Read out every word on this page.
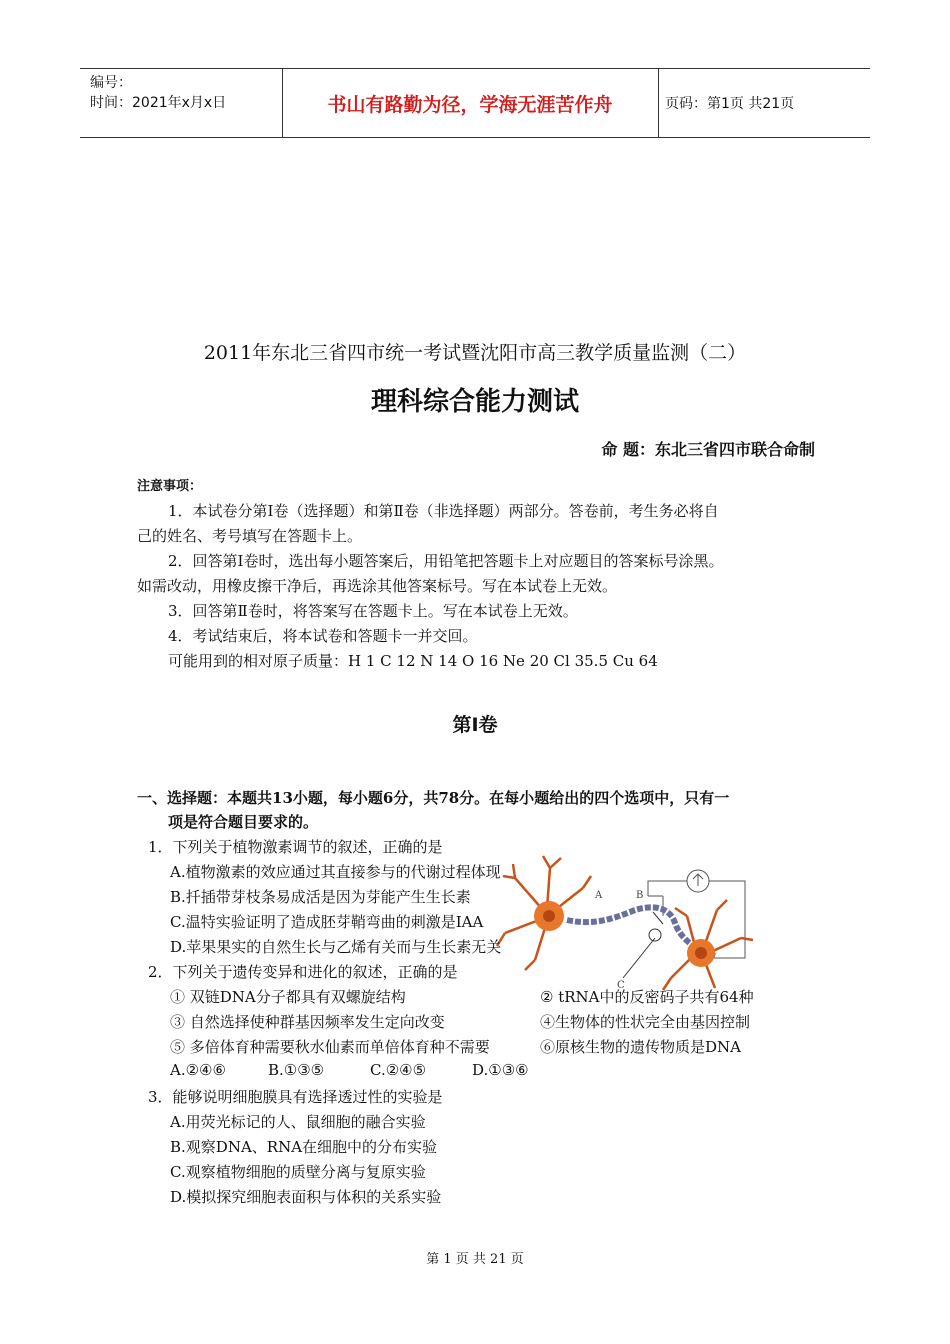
编号：
时间：2021年x月x日	书山有路勤为径，学海无涯苦作舟	页码：第1页 共21页
2011年东北三省四市统一考试暨沈阳市高三教学质量监测（二）
理科综合能力测试
命 题：东北三省四市联合命制
注意事项：
1．本试卷分第Ⅰ卷（选择题）和第Ⅱ卷（非选择题）两部分。答卷前，考生务必将自
己的姓名、考号填写在答题卡上。
2．回答第Ⅰ卷时，选出每小题答案后，用铅笔把答题卡上对应题目的答案标号涂黑。
如需改动，用橡皮擦干净后，再选涂其他答案标号。写在本试卷上无效。
3．回答第Ⅱ卷时，将答案写在答题卡上。写在本试卷上无效。
4．考试结束后，将本试卷和答题卡一并交回。
可能用到的相对原子质量：H 1 C 12 N 14 O 16 Ne 20 Cl 35.5 Cu 64
第Ⅰ卷
一、选择题：本题共13小题，每小题6分，共78分。在每小题给出的四个选项中，只有一
项是符合题目要求的。
A	B
C
1．下列关于植物激素调节的叙述，正确的是
A.植物激素的效应通过其直接参与的代谢过程体现
B.扦插带芽枝条易成活是因为芽能产生生长素
C.温特实验证明了造成胚芽鞘弯曲的刺激是IAA
D.苹果果实的自然生长与乙烯有关而与生长素无关
2．下列关于遗传变异和进化的叙述，正确的是
① 双链DNA分子都具有双螺旋结构	② tRNA中的反密码子共有64种
③ 自然选择使种群基因频率发生定向改变	④生物体的性状完全由基因控制
⑤ 多倍体育种需要秋水仙素而单倍体育种不需要	⑥原核生物的遗传物质是DNA
A.②④⑥	B.①③⑤	C.②④⑤	D.①③⑥
3．能够说明细胞膜具有选择透过性的实验是
A.用荧光标记的人、鼠细胞的融合实验
B.观察DNA、RNA在细胞中的分布实验
C.观察植物细胞的质壁分离与复原实验
D.模拟探究细胞表面积与体积的关系实验
第 1 页 共 21 页
